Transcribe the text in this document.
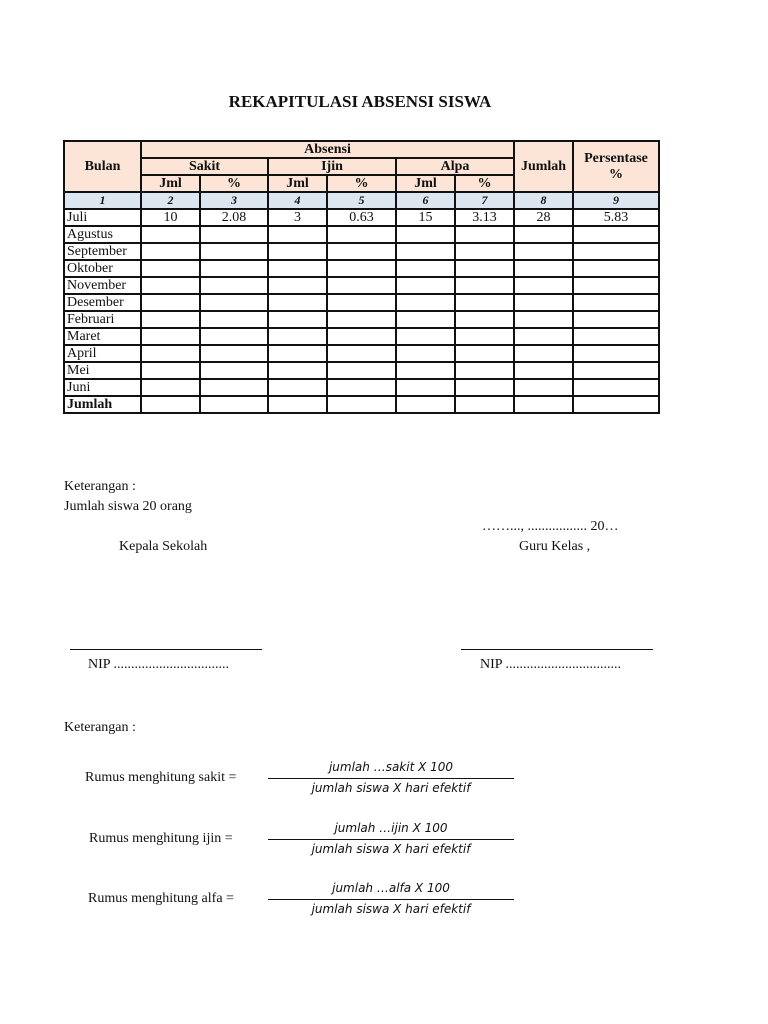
REKAPITULASI ABSENSI SISWA
Bulan	Absensi						Jumlah	Persentase %
	Sakit		Ijin		Alpa			
	Jml	%	Jml	%	Jml	%		
1	2	3	4	5	6	7	8	9
Juli	10	2.08	3	0.63	15	3.13	28	5.83
Agustus								
September								
Oktober								
November								
Desember								
Februari								
Maret								
April								
Mei								
Juni								
Jumlah								
Keterangan :
Jumlah siswa 20 orang
……..., ................. 20…
Kepala Sekolah	Guru Kelas ,
NIP .................................	NIP .................................
Keterangan :
Rumus menghitung sakit =
jumlah …sakit X 100
jumlah siswa X hari efektif
Rumus menghitung ijin =
jumlah …ijin X 100
jumlah siswa X hari efektif
Rumus menghitung alfa =
jumlah …alfa X 100
jumlah siswa X hari efektif
